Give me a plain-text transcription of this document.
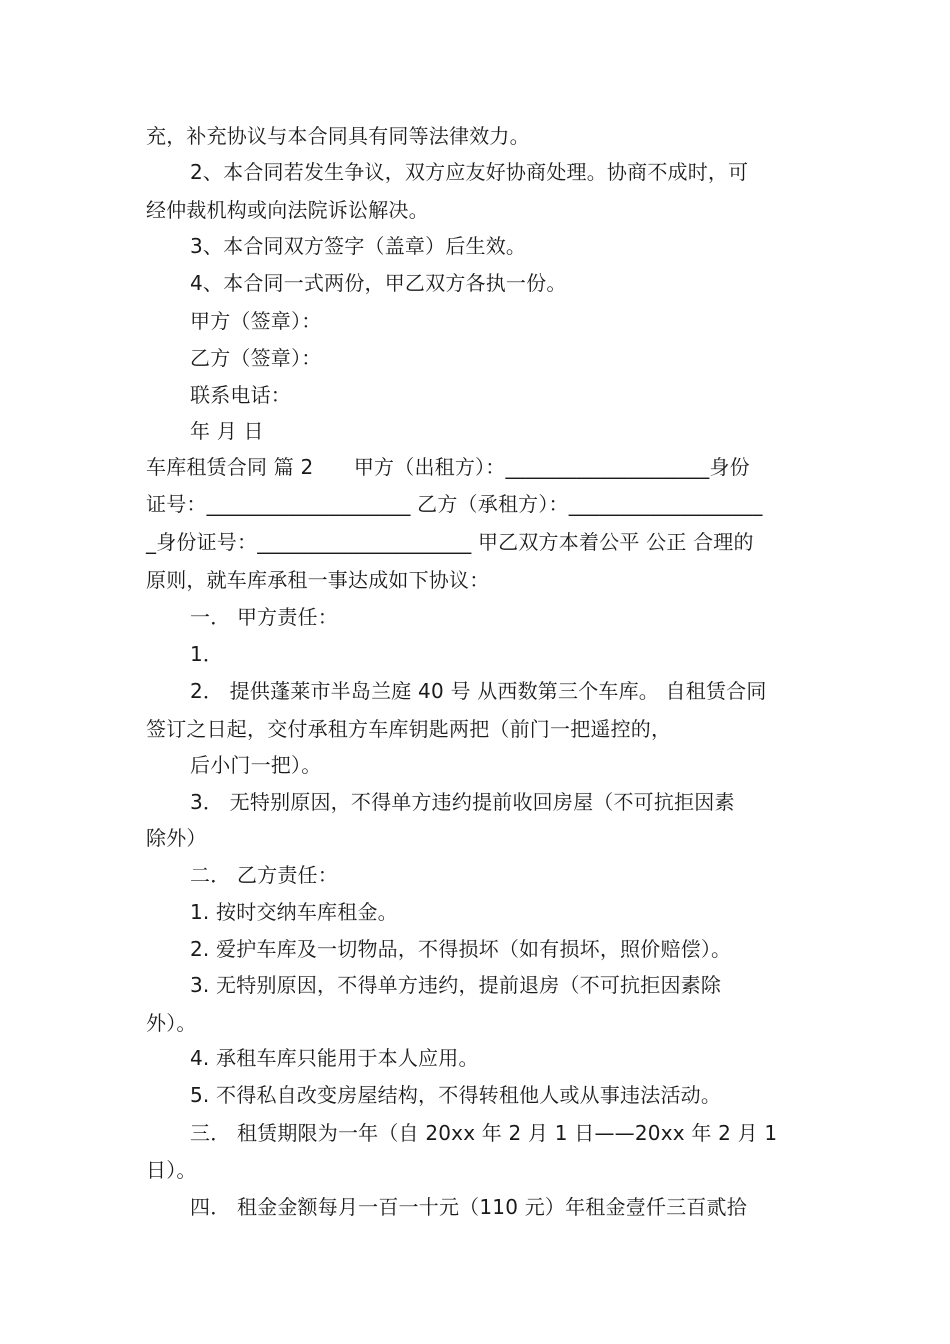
充，补充协议与本合同具有同等法律效力。
2、本合同若发生争议，双方应友好协商处理。协商不成时，可
经仲裁机构或向法院诉讼解决。
3、本合同双方签字（盖章）后生效。
4、本合同一式两份，甲乙双方各执一份。
甲方（签章）：
乙方（签章）：
联系电话：
年 月 日
车库租赁合同 篇 2　　甲方（出租方）：____________________身份
证号：____________________ 乙方（承租方）：___________________
_身份证号：_____________________ 甲乙双方本着公平 公正 合理的
原则，就车库承租一事达成如下协议：
一． 甲方责任：
1．
2． 提供蓬莱市半岛兰庭 40 号 从西数第三个车库。 自租赁合同
签订之日起，交付承租方车库钥匙两把（前门一把遥控的，
后小门一把）。
3． 无特别原因，不得单方违约提前收回房屋（不可抗拒因素
除外）
二． 乙方责任：
1. 按时交纳车库租金。
2. 爱护车库及一切物品，不得损坏（如有损坏，照价赔偿）。
3. 无特别原因，不得单方违约，提前退房（不可抗拒因素除
外）。
4. 承租车库只能用于本人应用。
5. 不得私自改变房屋结构，不得转租他人或从事违法活动。
三． 租赁期限为一年（自 20xx 年 2 月 1 日——20xx 年 2 月 1
日）。
四． 租金金额每月一百一十元（110 元）年租金壹仟三百贰拾
